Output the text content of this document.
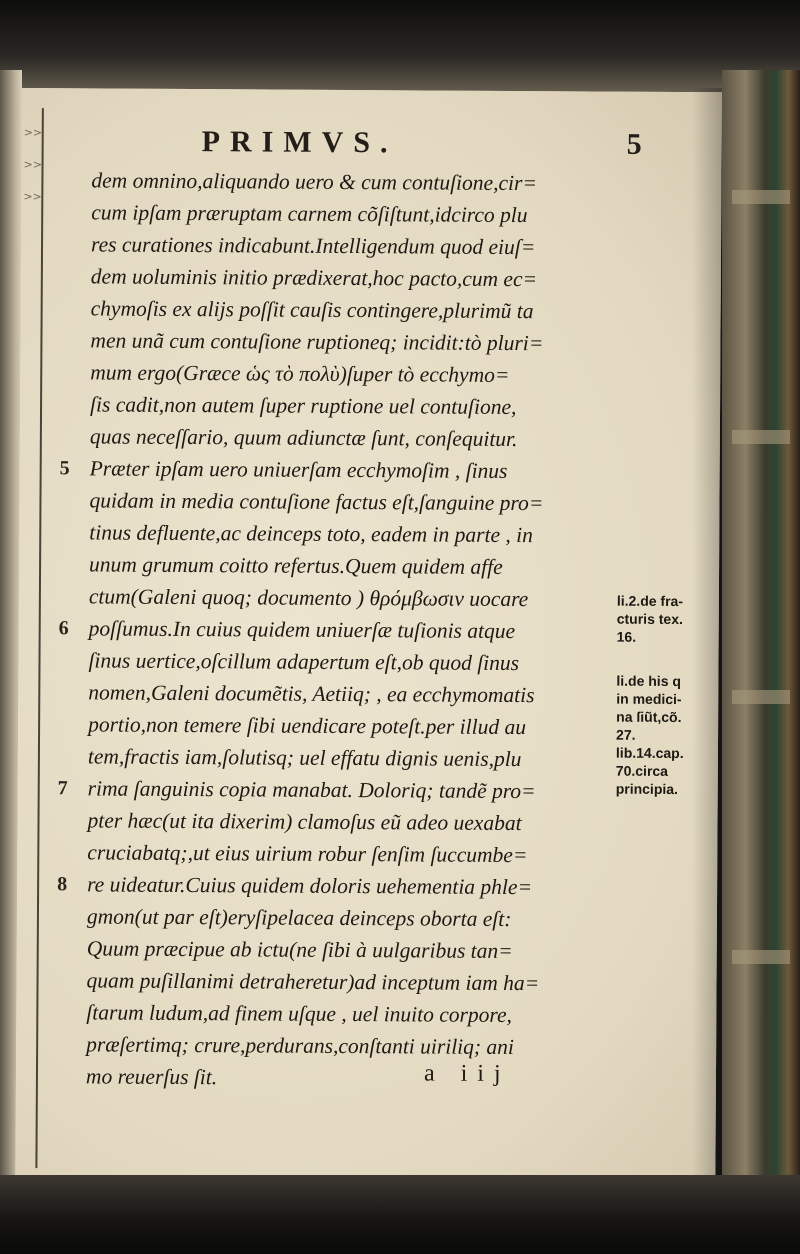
>>
>>
>>
PRIMVS.	5
dem omnino,aliquando uero & cum contuſione,cir=
cum ipſam præruptam carnem cõſiſtunt,idcirco plu
res curationes indicabunt.Intelligendum quod eiuſ=
dem uoluminis initio prædixerat,hoc pacto,cum ec=
chymoſis ex alijs poſſit cauſis contingere,plurimũ ta
men unã cum contuſione ruptioneq; incidit:tò pluri=
mum ergo(Græce ὡς τὸ πολὺ)ſuper tò ecchymo=
ſis cadit,non autem ſuper ruptione uel contuſione,
quas neceſſario, quum adiunctæ ſunt, conſequitur.
5 Præter ipſam uero uniuerſam ecchymoſim , ſinus
quidam in media contuſione factus eſt,ſanguine pro=
tinus defluente,ac deinceps toto, eadem in parte , in
unum grumum coitto refertus.Quem quidem affe
ctum(Galeni quoq; documento ) θρόμβωσιν uocare
6 poſſumus.In cuius quidem uniuerſæ tuſionis atque
ſinus uertice,oſcillum adapertum eſt,ob quod ſinus
nomen,Galeni documẽtis, Aetiiq; , ea ecchymomatis
portio,non temere ſibi uendicare poteſt.per illud au
tem,fractis iam,ſolutisq; uel effatu dignis uenis,plu
7 rima ſanguinis copia manabat. Doloriq; tandẽ pro=
pter hæc(ut ita dixerim) clamoſus eũ adeo uexabat
cruciabatq;,ut eius uirium robur ſenſim ſuccumbe=
8 re uideatur.Cuius quidem doloris uehementia phle=
gmon(ut par eſt)eryſipelacea deinceps oborta eſt:
Quum præcipue ab ictu(ne ſibi à uulgaribus tan=
quam puſillanimi detraheretur)ad inceptum iam ha=
ſtarum ludum,ad finem uſque , uel inuito corpore,
præſertimq; crure,perdurans,conſtanti uiriliq; ani
mo reuerſus ſit.
li.2.de fra-
cturis tex.
16.
li.de his q
in medici-
na ſiũt,cõ.
27.
lib.14.cap.
70.circa
principia.
a iij
